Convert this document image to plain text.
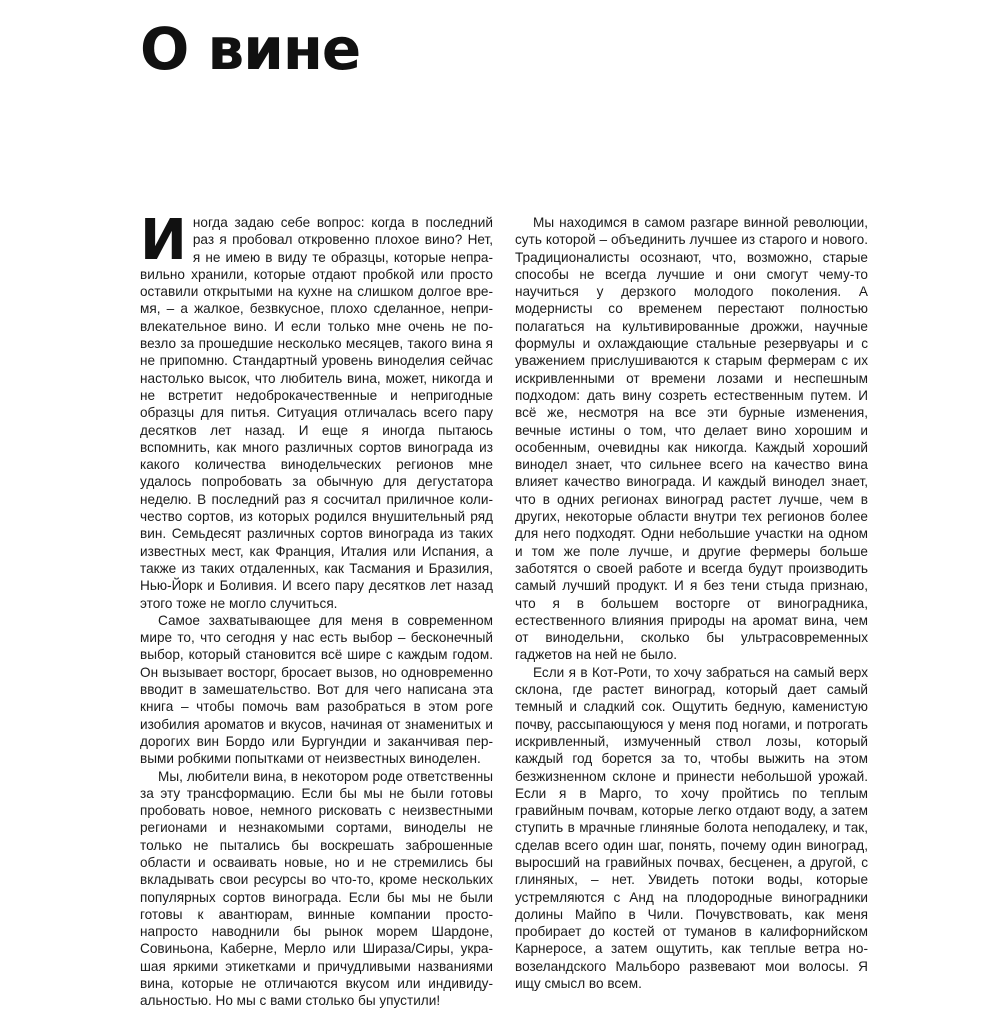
О вине

Иногда задаю себе вопрос: когда в последний раз я пробовал откровенно плохое вино? Нет, я не имею в виду те образцы, которые неправильно хранили, которые отдают пробкой или просто оставили открытыми на кухне на слишком долгое время, – а жалкое, безвкусное, плохо сделанное, непривлекательное вино. И если только мне очень не повезло за прошедшие несколько месяцев, такого вина я не припомню. Стандартный уровень виноделия сейчас настолько высок, что любитель вина, может, никогда и не встретит недоброкачественные и непригодные образцы для питья. Ситуация отличалась всего пару десятков лет назад. И еще я иногда пытаюсь вспомнить, как много различных сортов винограда из какого количества винодельческих регионов мне удалось попробовать за обычную для дегустатора неделю. В последний раз я сосчитал приличное количество сортов, из которых родился внушительный ряд вин. Семьдесят различных сортов винограда из таких известных мест, как Франция, Италия или Испания, а также из таких отдаленных, как Тасмания и Бразилия, Нью-Йорк и Боливия. И всего пару десятков лет назад этого тоже не могло случиться.

Самое захватывающее для меня в современном мире то, что сегодня у нас есть выбор – бесконечный выбор, который становится всё шире с каждым годом. Он вызывает восторг, бросает вызов, но одновременно вводит в замешательство. Вот для чего написана эта книга – чтобы помочь вам разобраться в этом роге изобилия ароматов и вкусов, начиная от знаменитых и дорогих вин Бордо или Бургундии и заканчивая первыми робкими попытками от неизвестных виноделен.

Мы, любители вина, в некотором роде ответственны за эту трансформацию. Если бы мы не были готовы пробовать новое, немного рисковать с неизвестными регионами и незнакомыми сортами, виноделы не только не пытались бы воскрешать заброшенные области и осваивать новые, но и не стремились бы вкладывать свои ресурсы во что-то, кроме нескольких популярных сортов винограда. Если бы мы не были готовы к авантюрам, винные компании просто-напросто наводнили бы рынок морем Шардоне, Совиньона, Каберне, Мерло или Шираза/Сиры, украшая яркими этикетками и причудливыми названиями вина, которые не отличаются вкусом или индивидуальностью. Но мы с вами столько бы упустили!

Мы находимся в самом разгаре винной революции, суть которой – объединить лучшее из старого и нового. Традиционалисты осознают, что, возможно, старые способы не всегда лучшие и они смогут чему-то научиться у дерзкого молодого поколения. А модернисты со временем перестают полностью полагаться на культивированные дрожжи, научные формулы и охлаждающие стальные резервуары и с уважением прислушиваются к старым фермерам с их искривленными от времени лозами и неспешным подходом: дать вину созреть естественным путем. И всё же, несмотря на все эти бурные изменения, вечные истины о том, что делает вино хорошим и особенным, очевидны как никогда. Каждый хороший винодел знает, что сильнее всего на качество вина влияет качество винограда. И каждый винодел знает, что в одних регионах виноград растет лучше, чем в других, некоторые области внутри тех регионов более для него подходят. Одни небольшие участки на одном и том же поле лучше, и другие фермеры больше заботятся о своей работе и всегда будут производить самый лучший продукт. И я без тени стыда признаю, что я в большем восторге от виноградника, естественного влияния природы на аромат вина, чем от винодельни, сколько бы ультрасовременных гаджетов на ней не было.

Если я в Кот-Роти, то хочу забраться на самый верх склона, где растет виноград, который дает самый темный и сладкий сок. Ощутить бедную, каменистую почву, рассыпающуюся у меня под ногами, и потрогать искривленный, измученный ствол лозы, который каждый год борется за то, чтобы выжить на этом безжизненном склоне и принести небольшой урожай. Если я в Марго, то хочу пройтись по теплым гравийным почвам, которые легко отдают воду, а затем ступить в мрачные глиняные болота неподалеку, и так, сделав всего один шаг, понять, почему один виноград, выросший на гравийных почвах, бесценен, а другой, с глиняных, – нет. Увидеть потоки воды, которые устремляются с Анд на плодородные виноградники долины Майпо в Чили. Почувствовать, как меня пробирает до костей от туманов в калифорнийском Карнеросе, а затем ощутить, как теплые ветра новозеландского Мальборо развевают мои волосы. Я ищу смысл во всем.
